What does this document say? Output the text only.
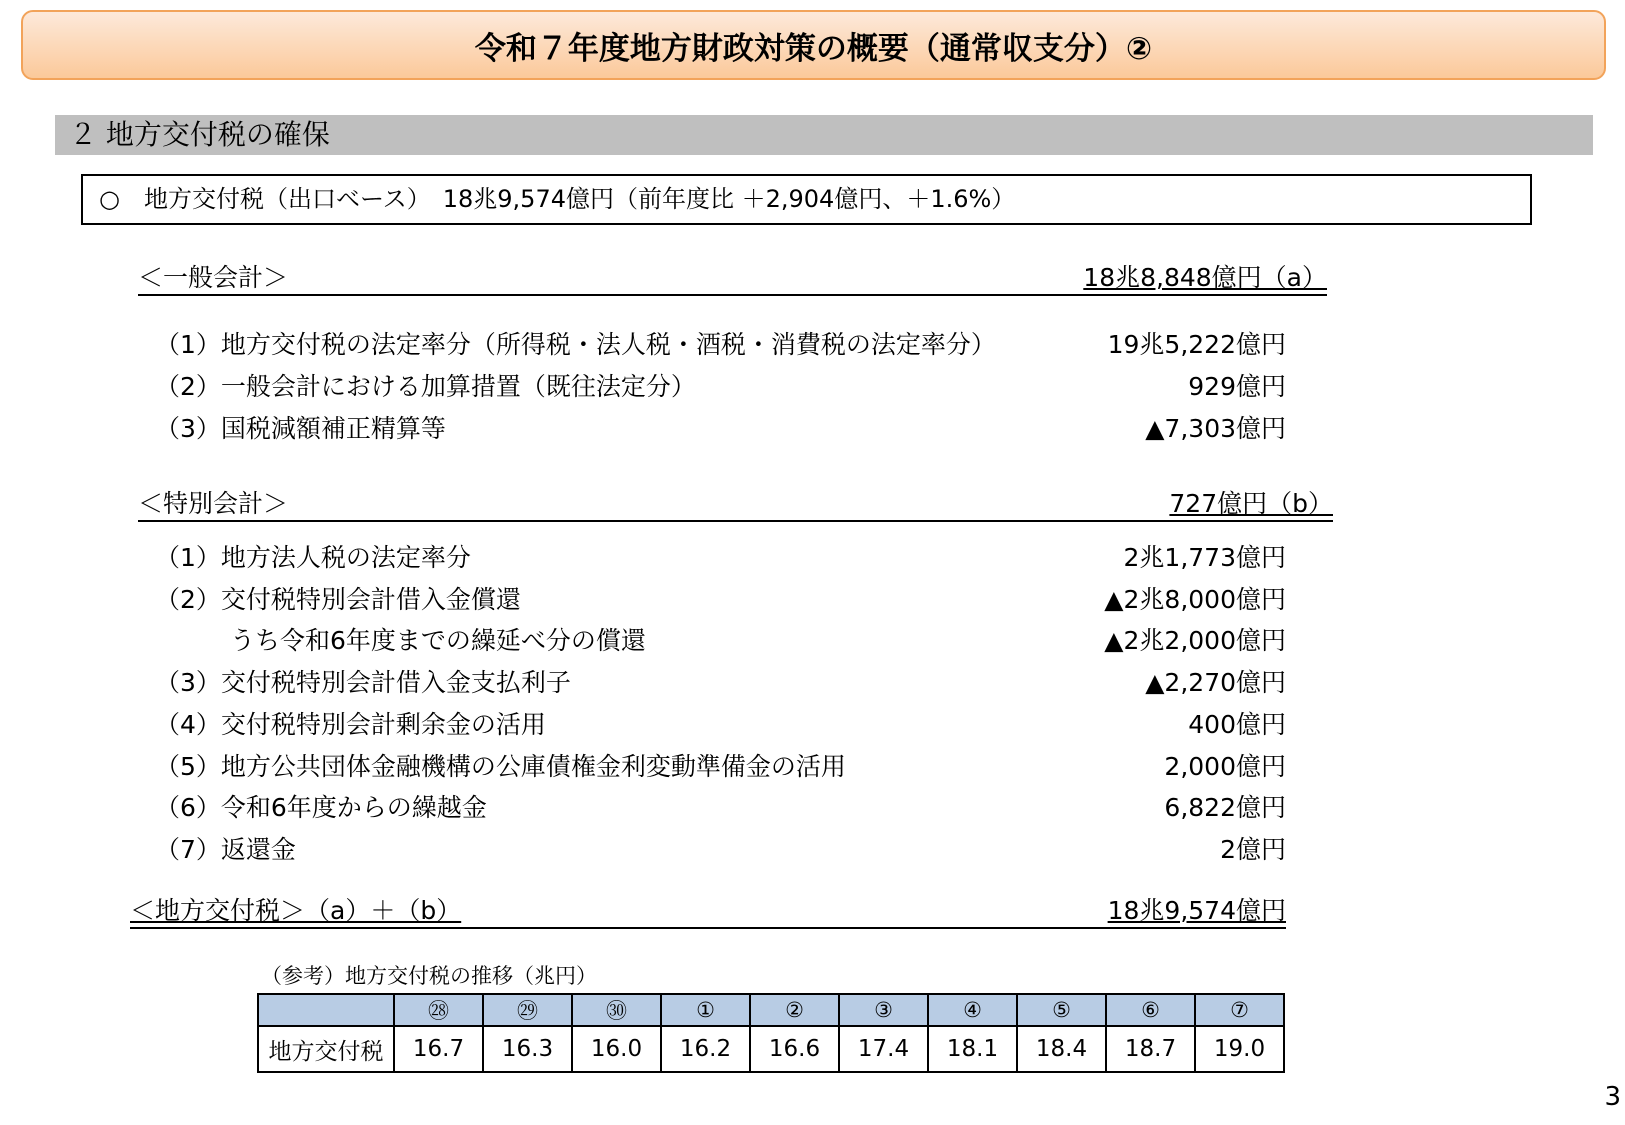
令和７年度地方財政対策の概要（通常収支分）②
２ 地方交付税の確保
○　地方交付税（出口ベース）　18兆9,574億円（前年度比 ＋2,904億円、＋1.6%）
＜一般会計＞	18兆8,848億円（a）
（1）地方交付税の法定率分（所得税・法人税・酒税・消費税の法定率分）	19兆5,222億円
（2）一般会計における加算措置（既往法定分）	929億円
（3）国税減額補正精算等	▲7,303億円
＜特別会計＞	727億円（b）
（1）地方法人税の法定率分	2兆1,773億円
（2）交付税特別会計借入金償還	▲2兆8,000億円
うち令和6年度までの繰延べ分の償還	▲2兆2,000億円
（3）交付税特別会計借入金支払利子	▲2,270億円
（4）交付税特別会計剰余金の活用	400億円
（5）地方公共団体金融機構の公庫債権金利変動準備金の活用	2,000億円
（6）令和6年度からの繰越金	6,822億円
（7）返還金	2億円
＜地方交付税＞（a）＋（b）	18兆9,574億円
（参考）地方交付税の推移（兆円）
	㉘	㉙	㉚	①	②	③	④	⑤	⑥	⑦
地方交付税	16.7	16.3	16.0	16.2	16.6	17.4	18.1	18.4	18.7	19.0
3
